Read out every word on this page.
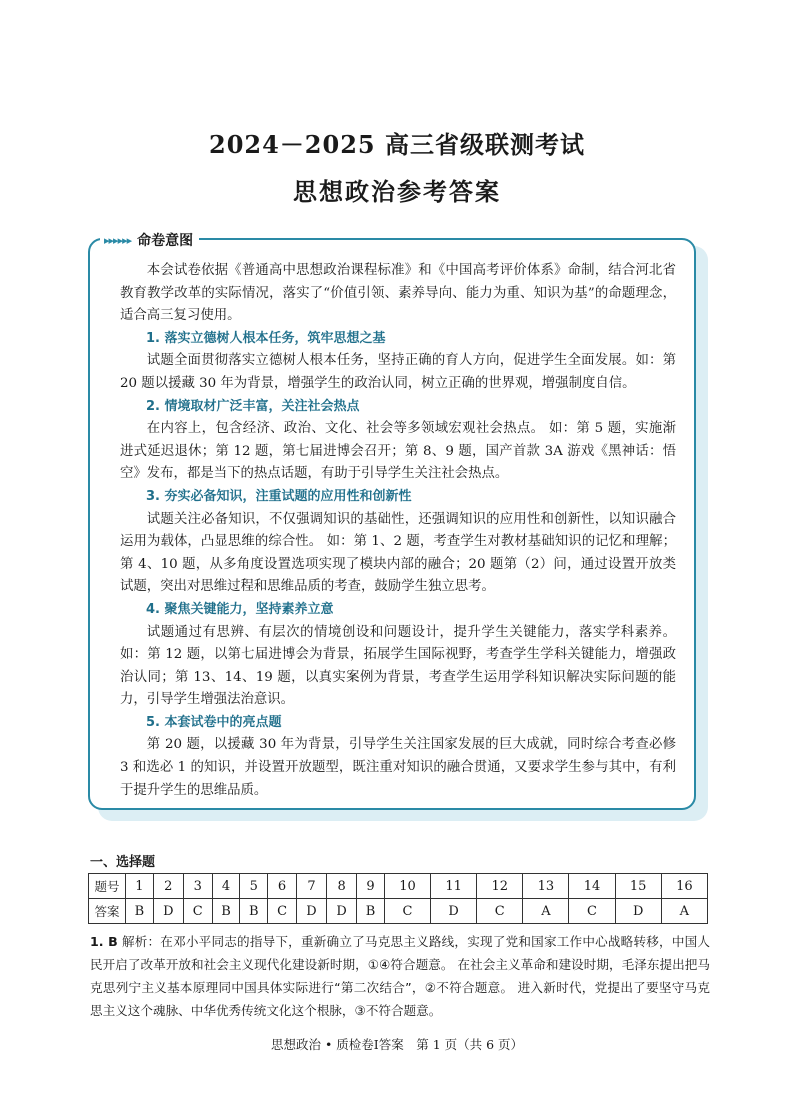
2024－2025 高三省级联测考试
思想政治参考答案
▸▸▸▸▸▸ 命卷意图

本会试卷依据《普通高中思想政治课程标准》和《中国高考评价体系》命制，结合河北省教育教学改革的实际情况，落实了“价值引领、素养导向、能力为重、知识为基”的命题理念，适合高三复习使用。

1. 落实立德树人根本任务，筑牢思想之基

试题全面贯彻落实立德树人根本任务，坚持正确的育人方向，促进学生全面发展。如：第 20 题以援藏 30 年为背景，增强学生的政治认同，树立正确的世界观，增强制度自信。

2. 情境取材广泛丰富，关注社会热点

在内容上，包含经济、政治、文化、社会等多领域宏观社会热点。 如：第 5 题，实施渐进式延迟退休；第 12 题，第七届进博会召开；第 8、9 题，国产首款 3A 游戏《黑神话：悟空》发布，都是当下的热点话题，有助于引导学生关注社会热点。

3. 夯实必备知识，注重试题的应用性和创新性

试题关注必备知识，不仅强调知识的基础性，还强调知识的应用性和创新性，以知识融合运用为载体，凸显思维的综合性。 如：第 1、2 题，考查学生对教材基础知识的记忆和理解；第 4、10 题，从多角度设置选项实现了模块内部的融合；20 题第（2）问，通过设置开放类试题，突出对思维过程和思维品质的考查，鼓励学生独立思考。

4. 聚焦关键能力，坚持素养立意

试题通过有思辨、有层次的情境创设和问题设计，提升学生关键能力，落实学科素养。 如：第 12 题，以第七届进博会为背景，拓展学生国际视野，考查学生学科关键能力，增强政治认同；第 13、14、19 题，以真实案例为背景，考查学生运用学科知识解决实际问题的能力，引导学生增强法治意识。

5. 本套试卷中的亮点题

第 20 题，以援藏 30 年为背景，引导学生关注国家发展的巨大成就，同时综合考查必修 3 和选必 1 的知识，并设置开放题型，既注重对知识的融合贯通，又要求学生参与其中，有利于提升学生的思维品质。

一、选择题
题号	1	2	3	4	5	6	7	8	9	10	11	12	13	14	15	16
答案	B	D	C	B	B	C	D	D	B	C	D	C	A	C	D	A
1. B 解析：在邓小平同志的指导下，重新确立了马克思主义路线，实现了党和国家工作中心战略转移，中国人民开启了改革开放和社会主义现代化建设新时期，①④符合题意。 在社会主义革命和建设时期，毛泽东提出把马克思列宁主义基本原理同中国具体实际进行“第二次结合”，②不符合题意。 进入新时代，党提出了要坚守马克思主义这个魂脉、中华优秀传统文化这个根脉，③不符合题意。
思想政治 • 质检卷Ⅰ答案　第 1 页（共 6 页）
